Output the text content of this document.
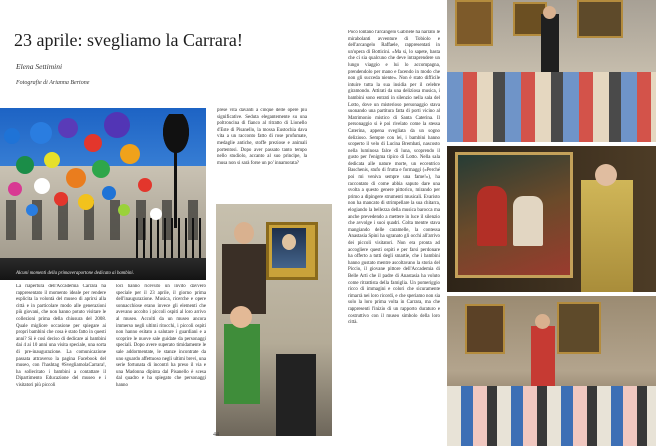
23 aprile: svegliamo la Carrara!
Elena Settimini
Fotografie di Arianna Bertone
Alcuni momenti della primaveraportone dedicato ai bambini.
La riapertura dell'Accademia Carrara ha rappresentato il momento ideale per rendere esplicita la volontà del museo di aprirsi alla città e in particolare modo alle generazioni più giovani, che non hanno potuto visitare le collezioni prima della chiusura del 2008. Quale migliore occasione per spiegare ai propri bambini che cosa è stato fatto in questi anni? Si è così deciso di dedicare ai bambini dai 4 ai 10 anni una visita speciale, una sorta di pre-inaugurazione. La comunicazione passata attraverso la pagina Facebook del museo, con l'hashtag #SvegliamolaCarrara!, ha sollecitato i bambini a contattare il Dipartimento Educazione del museo e i visitatori più piccoli
prese vita davanti a cinque delle opere più significative. Seduta elegantemente su una poltroncina di fianco al ritratto di Lionello d'Este di Pisanello, la mossa Eustochia dava vita a un racconto fatto di rose profumate, medaglie antiche, stoffe preziose e animali portentosi. Dopo aver passato tanto tempo nello studiolo, accanto al suo principe, la musa non si sarà forse un po' innamorata?
loci hanno ricevuto un invito davvero speciale per il 23 aprile, il giorno prima dell'inaugurazione. Musica, ricerche e opere sonnacchiose erano invece gli elementi che avevano accolto i piccoli ospiti al loro arrivo al museo. Accolti da un museo ancora immerso negli ultimi ritocchi, i piccoli ospiti non hanno esitato a salutare i guardiani e a scoprire le nuove sale guidate da personaggi speciali. Dopo avere superato timidamente le sale addormentate, le stanze incontrate da uno sguardo affettuoso negli ultimi brevi, una serie fortunata di incontri ha preso il via e una Madonna dipinta dal Pisanello è scesa dal quadro e ha spiegato che personaggi hanno
Poco lontano l'arcangelo Gabriele ha narrato le mirabolanti avventure di Tobiolo e dell'arcangelo Raffaele, rappresentati in un'opera di Botticini. «Ma si, lo sapete, basta che ci sia qualcuno che deve intraprendere un lungo viaggio e lui lo accompagna, prendendolo per mano e facendo in modo che non gli succeda niente». Non è stato difficile intuire tutta la sua insidia per il celebre giramondo. Attirati da una deliziosa musica, i bambini sono entrati in silenzio nella sala del Lotto, dove un misterioso personaggio stava suonando una partitura fatta di porti vicino al Matrimonio mistico di Santa Caterina. Il personaggio si è poi rivelato come la stessa Caterina, appena svegliata da un sogno delizioso. Sempre con lei, i bambini hanno scoperto il velo di Lucina Brembati, nascosto nella luminosa falce di luna, scoprendo il gusto per l'enigma tipico di Lotto. Nella sala dedicata alle nature morte, un eccentrico Baschenis, stufo di frutta e formaggi («Perché poi mi veniva sempre una fame!»), ha raccontato di come abbia saputo dare una svolta a questo genere pittorico, mirando per primo a dipingere strumenti musicali. Evaristo non ha mancato di strimpellare la sua chitarra, elogiando la bellezza della musica barocca ma anche prevedendo a mettere in luce il silenzio che avvolge i suoi quadri. Colta mentre stava mangiando delle caramelle, la contessa Anastasia Spini ha sgranato gli occhi all'arrivo dei piccoli visitatori. Non era pronta ad accogliere questi ospiti e per farsi perdonare ha offerto a tutti degli smartie, che i bambini hanno gustato mentre ascoltavano la storia del Piccio, il giovane pittore dell'Accademia di Belle Arti che il padre di Anastasia ha voluto come ritrattista della famiglia. Un pomeriggio ricco di immagini e colori che sicuramente rimarrà nei loro ricordi, e che speriamo non sia solo la loro prima volta in Carrara, ma che rappresenti l'inizio di un rapporto duraturo e costruttivo con il museo simbolo della loro città.
44
